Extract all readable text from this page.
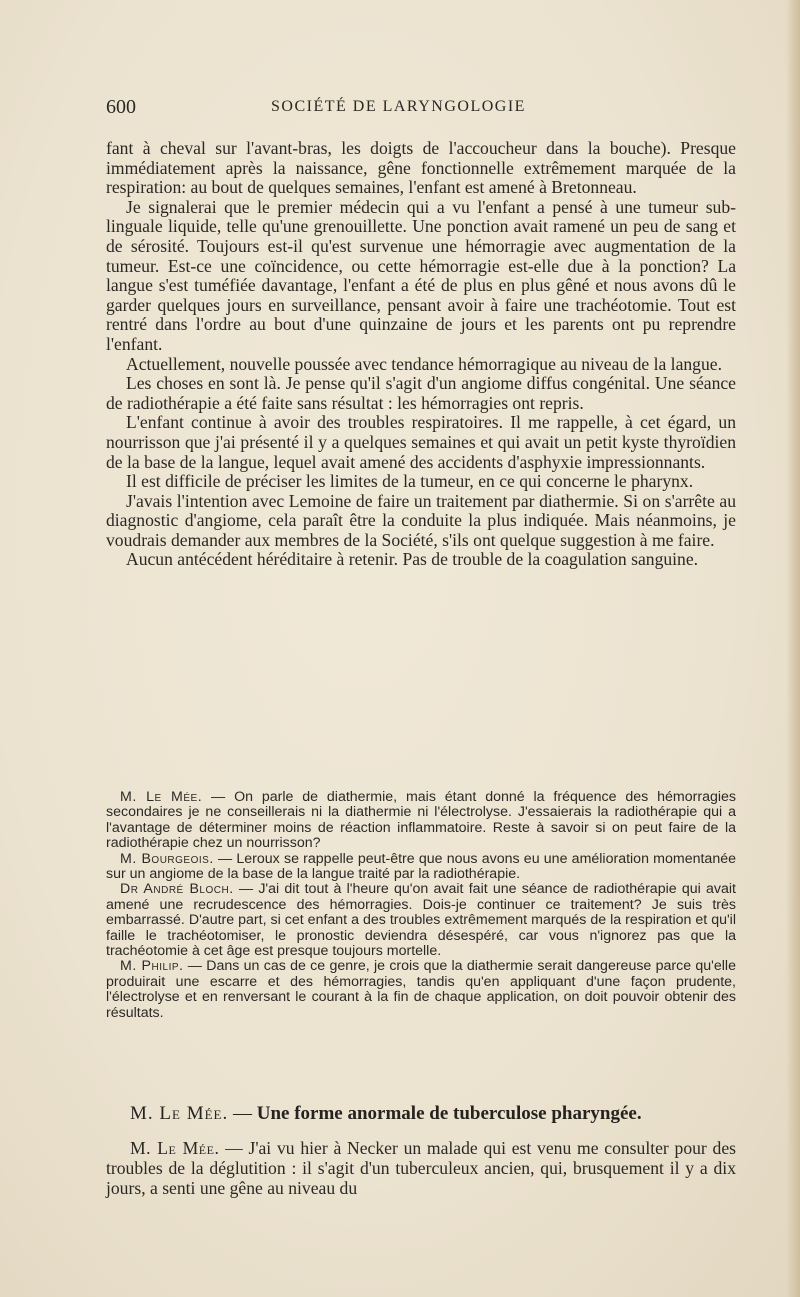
600	SOCIÉTÉ DE LARYNGOLOGIE

fant à cheval sur l'avant-bras, les doigts de l'accoucheur dans la bouche). Presque immédiatement après la naissance, gêne fonctionnelle extrêmement marquée de la respiration: au bout de quelques semaines, l'enfant est amené à Bretonneau.

Je signalerai que le premier médecin qui a vu l'enfant a pensé à une tumeur sub-linguale liquide, telle qu'une grenouillette. Une ponction avait ramené un peu de sang et de sérosité. Toujours est-il qu'est survenue une hémorragie avec augmentation de la tumeur. Est-ce une coïncidence, ou cette hémorragie est-elle due à la ponction? La langue s'est tuméfiée davantage, l'enfant a été de plus en plus gêné et nous avons dû le garder quelques jours en surveillance, pensant avoir à faire une trachéotomie. Tout est rentré dans l'ordre au bout d'une quinzaine de jours et les parents ont pu reprendre l'enfant.

Actuellement, nouvelle poussée avec tendance hémorragique au niveau de la langue.

Les choses en sont là. Je pense qu'il s'agit d'un angiome diffus congénital. Une séance de radiothérapie a été faite sans résultat : les hémorragies ont repris.

L'enfant continue à avoir des troubles respiratoires. Il me rappelle, à cet égard, un nourrisson que j'ai présenté il y a quelques semaines et qui avait un petit kyste thyroïdien de la base de la langue, lequel avait amené des accidents d'asphyxie impressionnants.

Il est difficile de préciser les limites de la tumeur, en ce qui concerne le pharynx.

J'avais l'intention avec Lemoine de faire un traitement par diathermie. Si on s'arrête au diagnostic d'angiome, cela paraît être la conduite la plus indiquée. Mais néanmoins, je voudrais demander aux membres de la Société, s'ils ont quelque suggestion à me faire.

Aucun antécédent héréditaire à retenir. Pas de trouble de la coagulation sanguine.

M. Le Mée. — On parle de diathermie, mais étant donné la fréquence des hémorragies secondaires je ne conseillerais ni la diathermie ni l'électrolyse. J'essaierais la radiothérapie qui a l'avantage de déterminer moins de réaction inflammatoire. Reste à savoir si on peut faire de la radiothérapie chez un nourrisson?

M. Bourgeois. — Leroux se rappelle peut-être que nous avons eu une amélioration momentanée sur un angiome de la base de la langue traité par la radiothérapie.

Dr André Bloch. — J'ai dit tout à l'heure qu'on avait fait une séance de radiothérapie qui avait amené une recrudescence des hémorragies. Dois-je continuer ce traitement? Je suis très embarrassé. D'autre part, si cet enfant a des troubles extrêmement marqués de la respiration et qu'il faille le trachéotomiser, le pronostic deviendra désespéré, car vous n'ignorez pas que la trachéotomie à cet âge est presque toujours mortelle.

M. Philip. — Dans un cas de ce genre, je crois que la diathermie serait dangereuse parce qu'elle produirait une escarre et des hémorragies, tandis qu'en appliquant d'une façon prudente, l'électrolyse et en renversant le courant à la fin de chaque application, on doit pouvoir obtenir des résultats.

M. Le Mée. — Une forme anormale de tuberculose pharyngée.

M. Le Mée. — J'ai vu hier à Necker un malade qui est venu me consulter pour des troubles de la déglutition : il s'agit d'un tuberculeux ancien, qui, brusquement il y a dix jours, a senti une gêne au niveau du
